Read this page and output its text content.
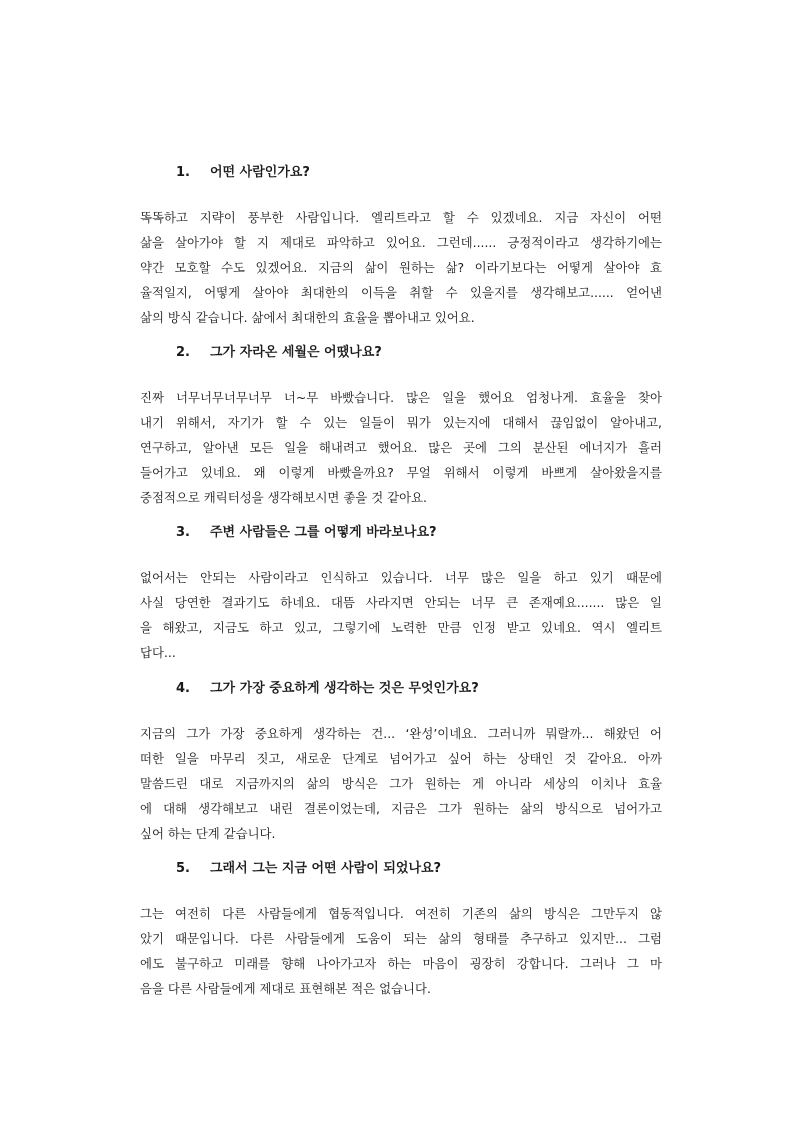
1. 어떤 사람인가요?
똑똑하고 지략이 풍부한 사람입니다. 엘리트라고 할 수 있겠네요. 지금 자신이 어떤
삶을 살아가야 할 지 제대로 파악하고 있어요. 그런데...... 긍정적이라고 생각하기에는
약간 모호할 수도 있겠어요. 지금의 삶이 원하는 삶? 이라기보다는 어떻게 살아야 효
율적일지, 어떻게 살아야 최대한의 이득을 취할 수 있을지를 생각해보고...... 얻어낸
삶의 방식 같습니다. 삶에서 최대한의 효율을 뽑아내고 있어요.
2. 그가 자라온 세월은 어땠나요?
진짜 너무너무너무너무 너~무 바빴습니다. 많은 일을 했어요 엄청나게. 효율을 찾아
내기 위해서, 자기가 할 수 있는 일들이 뭐가 있는지에 대해서 끊임없이 알아내고,
연구하고, 알아낸 모든 일을 해내려고 했어요. 많은 곳에 그의 분산된 에너지가 흘러
들어가고 있네요. 왜 이렇게 바빴을까요? 무얼 위해서 이렇게 바쁘게 살아왔을지를
중점적으로 캐릭터성을 생각해보시면 좋을 것 같아요.
3. 주변 사람들은 그를 어떻게 바라보나요?
없어서는 안되는 사람이라고 인식하고 있습니다. 너무 많은 일을 하고 있기 때문에
사실 당연한 결과기도 하네요. 대뜸 사라지면 안되는 너무 큰 존재예요....... 많은 일
을 해왔고, 지금도 하고 있고, 그렇기에 노력한 만큼 인정 받고 있네요. 역시 엘리트
답다...
4. 그가 가장 중요하게 생각하는 것은 무엇인가요?
지금의 그가 가장 중요하게 생각하는 건... ‘완성’이네요. 그러니까 뭐랄까... 해왔던 어
떠한 일을 마무리 짓고, 새로운 단계로 넘어가고 싶어 하는 상태인 것 같아요. 아까
말씀드린 대로 지금까지의 삶의 방식은 그가 원하는 게 아니라 세상의 이치나 효율
에 대해 생각해보고 내린 결론이었는데, 지금은 그가 원하는 삶의 방식으로 넘어가고
싶어 하는 단계 같습니다.
5. 그래서 그는 지금 어떤 사람이 되었나요?
그는 여전히 다른 사람들에게 협동적입니다. 여전히 기존의 삶의 방식은 그만두지 않
았기 때문입니다. 다른 사람들에게 도움이 되는 삶의 형태를 추구하고 있지만... 그럼
에도 불구하고 미래를 향해 나아가고자 하는 마음이 굉장히 강합니다. 그러나 그 마
음을 다른 사람들에게 제대로 표현해본 적은 없습니다.
